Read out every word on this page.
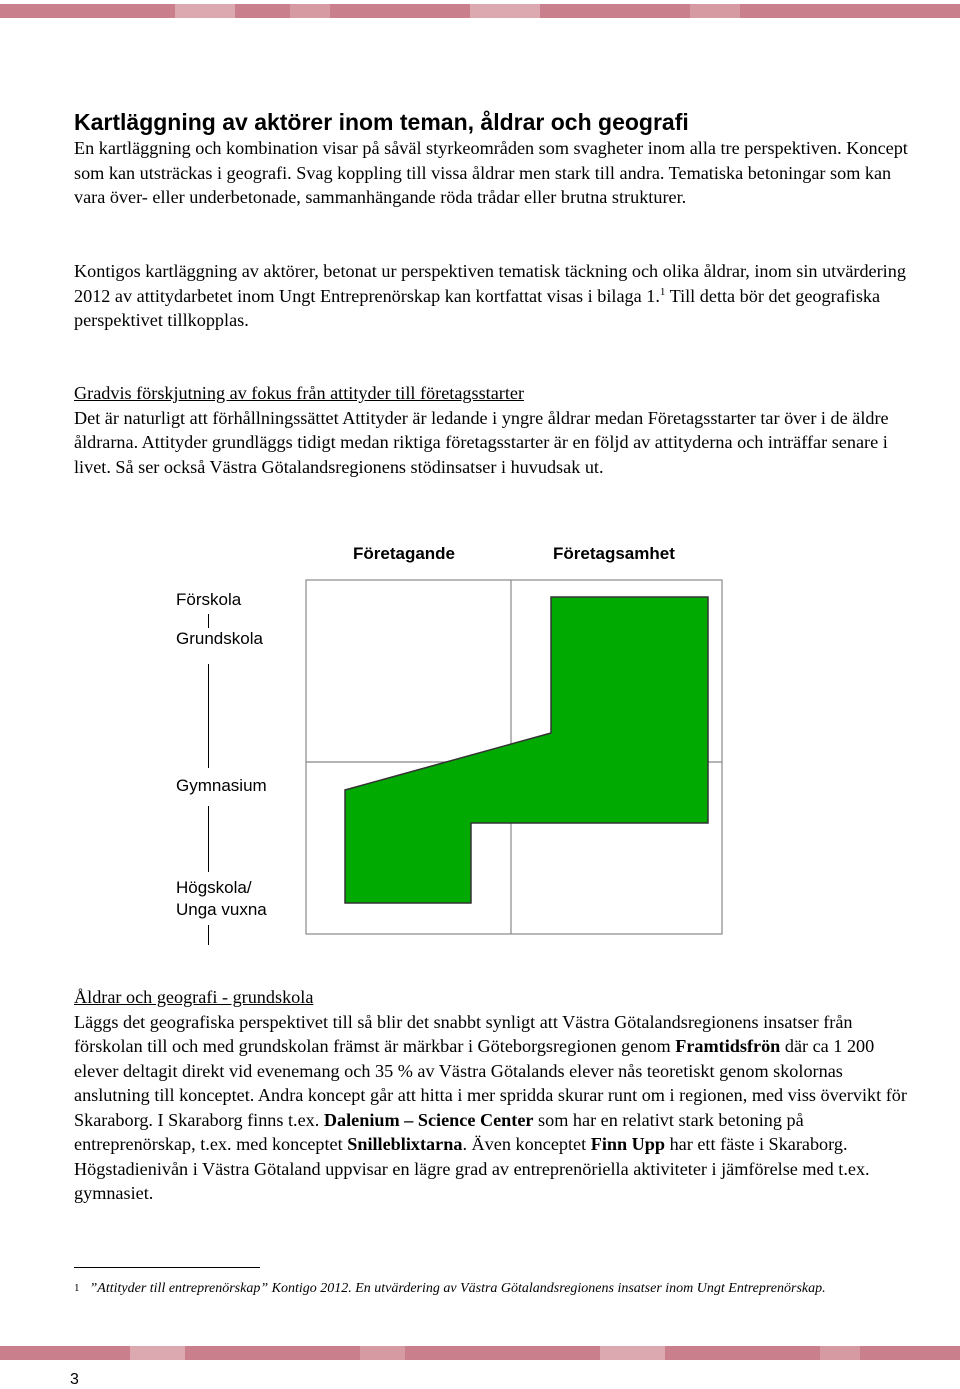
Kartläggning av aktörer inom teman, åldrar och geografi

En kartläggning och kombination visar på såväl styrkeområden som svagheter inom alla tre perspektiven. Koncept som kan utsträckas i geografi. Svag koppling till vissa åldrar men stark till andra. Tematiska betoningar som kan vara över- eller underbetonade, sammanhängande röda trådar eller brutna strukturer.

Kontigos kartläggning av aktörer, betonat ur perspektiven tematisk täckning och olika åldrar, inom sin utvärdering 2012 av attitydarbetet inom Ungt Entreprenörskap kan kortfattat visas i bilaga 1.$^1$ Till detta bör det geografiska perspektivet tillkopplas.

Gradvis förskjutning av fokus från attityder till företagsstarter
Det är naturligt att förhållningssättet Attityder är ledande i yngre åldrar medan Företagsstarter tar över i de äldre åldrarna. Attityder grundläggs tidigt medan riktiga företagsstarter är en följd av attityderna och inträffar senare i livet. Så ser också Västra Götalandsregionens stödinsatser i huvudsak ut.

Företagande	Företagsamhet
Förskola
Grundskola
Gymnasium
Högskola/
Unga vuxna

Åldrar och geografi - grundskola
Läggs det geografiska perspektivet till så blir det snabbt synligt att Västra Götalandsregionens insatser från förskolan till och med grundskolan främst är märkbar i Göteborgsregionen genom Framtidsfrön där ca 1 200 elever deltagit direkt vid evenemang och 35 % av Västra Götalands elever nås teoretiskt genom skolornas anslutning till konceptet. Andra koncept går att hitta i mer spridda skurar runt om i regionen, med viss övervikt för Skaraborg. I Skaraborg finns t.ex. Dalenium – Science Center som har en relativt stark betoning på entreprenörskap, t.ex. med konceptet Snilleblixtarna. Även konceptet Finn Upp har ett fäste i Skaraborg. Högstadienivån i Västra Götaland uppvisar en lägre grad av entreprenöriella aktiviteter i jämförelse med t.ex. gymnasiet.

$^1$ ”Attityder till entreprenörskap” Kontigo 2012. En utvärdering av Västra Götalandsregionens insatser inom Ungt Entreprenörskap.
3
